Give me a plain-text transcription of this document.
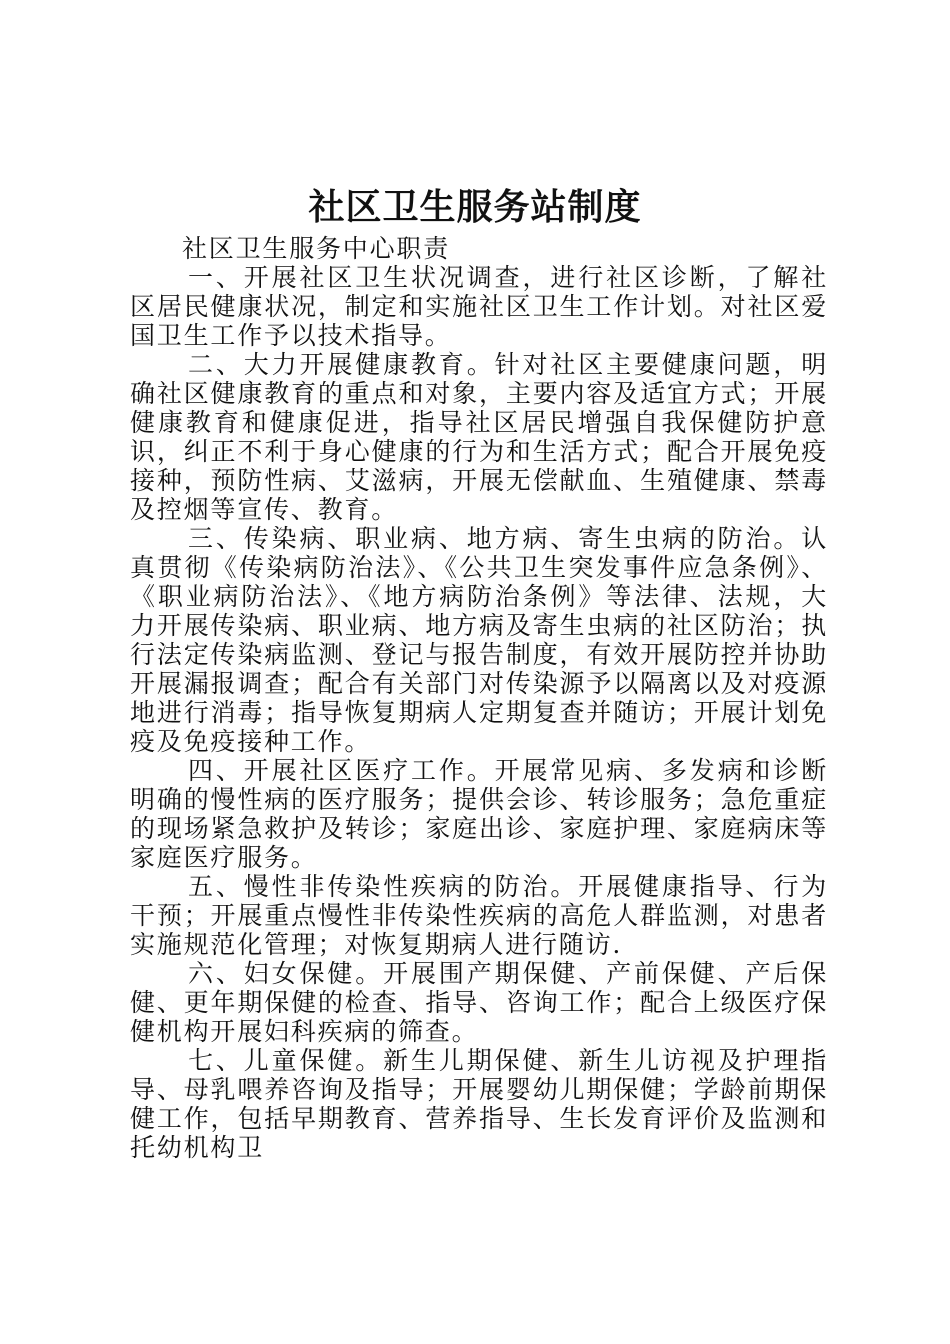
社区卫生服务站制度

社区卫生服务中心职责

一、开展社区卫生状况调查，进行社区诊断，了解社区居民健康状况，制定和实施社区卫生工作计划。对社区爱国卫生工作予以技术指导。

二、大力开展健康教育。针对社区主要健康问题，明确社区健康教育的重点和对象，主要内容及适宜方式；开展健康教育和健康促进，指导社区居民增强自我保健防护意识，纠正不利于身心健康的行为和生活方式；配合开展免疫接种，预防性病、艾滋病，开展无偿献血、生殖健康、禁毒及控烟等宣传、教育。

三、传染病、职业病、地方病、寄生虫病的防治。认真贯彻《传染病防治法》、《公共卫生突发事件应急条例》、《职业病防治法》、《地方病防治条例》等法律、法规，大力开展传染病、职业病、地方病及寄生虫病的社区防治；执行法定传染病监测、登记与报告制度，有效开展防控并协助开展漏报调查；配合有关部门对传染源予以隔离以及对疫源地进行消毒；指导恢复期病人定期复查并随访；开展计划免疫及免疫接种工作。

四、开展社区医疗工作。开展常见病、多发病和诊断明确的慢性病的医疗服务；提供会诊、转诊服务；急危重症的现场紧急救护及转诊；家庭出诊、家庭护理、家庭病床等家庭医疗服务。

五、慢性非传染性疾病的防治。开展健康指导、行为干预；开展重点慢性非传染性疾病的高危人群监测，对患者实施规范化管理；对恢复期病人进行随访.

六、妇女保健。开展围产期保健、产前保健、产后保健、更年期保健的检查、指导、咨询工作；配合上级医疗保健机构开展妇科疾病的筛查。

七、儿童保健。新生儿期保健、新生儿访视及护理指导、母乳喂养咨询及指导；开展婴幼儿期保健；学龄前期保健工作，包括早期教育、营养指导、生长发育评价及监测和托幼机构卫
